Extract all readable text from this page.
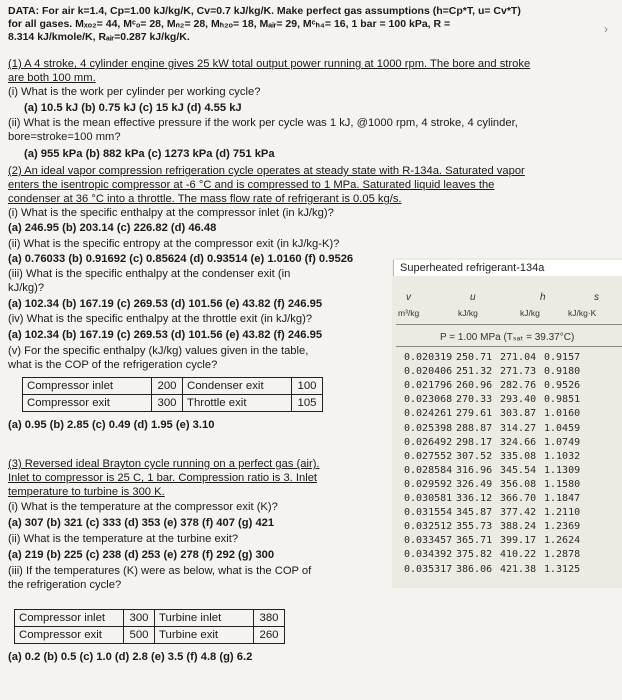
DATA: For air k=1.4, Cp=1.00 kJ/kg/K, Cv=0.7 kJ/kg/K. Make perfect gas assumptions (h=Cp*T, u= Cv*T)
for all gases. Mₓₒ₂= 44, Mᶜₒ= 28, Mₙ₂= 28, Mₕ₂ₒ= 18, Mₐᵢᵣ= 29, Mᶜₕ₄= 16, 1 bar = 100 kPa, R =
8.314 kJ/kmole/K, Rₐᵢᵣ=0.287 kJ/kg/K.
›
(1) A 4 stroke, 4 cylinder engine gives 25 kW total output power running at 1000 rpm. The bore and stroke
are both 100 mm.
(i) What is the work per cylinder per working cycle?
(a) 10.5 kJ (b) 0.75 kJ (c) 15 kJ (d) 4.55 kJ
(ii) What is the mean effective pressure if the work per cycle was 1 kJ, @1000 rpm, 4 stroke, 4 cylinder,
bore=stroke=100 mm?
(a) 955 kPa (b) 882 kPa (c) 1273 kPa (d) 751 kPa
(2) An ideal vapor compression refrigeration cycle operates at steady state with R-134a. Saturated vapor
enters the isentropic compressor at -6 °C and is compressed to 1 MPa. Saturated liquid leaves the
condenser at 36 °C into a throttle. The mass flow rate of refrigerant is 0.05 kg/s.
(i) What is the specific enthalpy at the compressor inlet (in kJ/kg)?
(a) 246.95 (b) 203.14 (c) 226.82 (d) 46.48
(ii) What is the specific entropy at the compressor exit (in kJ/kg-K)?
(a) 0.76033 (b) 0.91692 (c) 0.85624 (d) 0.93514 (e) 1.0160 (f) 0.9526
(iii) What is the specific enthalpy at the condenser exit (in
kJ/kg)?
(a) 102.34 (b) 167.19 (c) 269.53 (d) 101.56 (e) 43.82 (f) 246.95
(iv) What is the specific enthalpy at the throttle exit (in kJ/kg)?
(a) 102.34 (b) 167.19 (c) 269.53 (d) 101.56 (e) 43.82 (f) 246.95
(v) For the specific enthalpy (kJ/kg) values given in the table,
what is the COP of the refrigeration cycle?
Compressor inlet	200	Condenser exit	100
Compressor exit	300	Throttle exit	105
(a) 0.95 (b) 2.85 (c) 0.49 (d) 1.95 (e) 3.10
(3) Reversed ideal Brayton cycle running on a perfect gas (air).
Inlet to compressor is 25 C, 1 bar. Compression ratio is 3. Inlet
temperature to turbine is 300 K.
(i) What is the temperature at the compressor exit (K)?
(a) 307 (b) 321 (c) 333 (d) 353 (e) 378 (f) 407 (g) 421
(ii) What is the temperature at the turbine exit?
(a) 219 (b) 225 (c) 238 (d) 253 (e) 278 (f) 292 (g) 300
(iii) If the temperatures (K) were as below, what is the COP of
the refrigeration cycle?
Compressor inlet	300	Turbine inlet	380
Compressor exit	500	Turbine exit	260
(a) 0.2 (b) 0.5 (c) 1.0 (d) 2.8 (e) 3.5 (f) 4.8 (g) 6.2
Superheated refrigerant-134a
v	u	h	s
m³/kg	kJ/kg	kJ/kg	kJ/kg·K
P = 1.00 MPa (Tₛₐₜ = 39.37°C)
0.020319 250.71 271.04 0.9157
0.020406 251.32 271.73 0.9180
0.021796 260.96 282.76 0.9526
0.023068 270.33 293.40 0.9851
0.024261 279.61 303.87 1.0160
0.025398 288.87 314.27 1.0459
0.026492 298.17 324.66 1.0749
0.027552 307.52 335.08 1.1032
0.028584 316.96 345.54 1.1309
0.029592 326.49 356.08 1.1580
0.030581 336.12 366.70 1.1847
0.031554 345.87 377.42 1.2110
0.032512 355.73 388.24 1.2369
0.033457 365.71 399.17 1.2624
0.034392 375.82 410.22 1.2878
0.035317 386.06 421.38 1.3125
